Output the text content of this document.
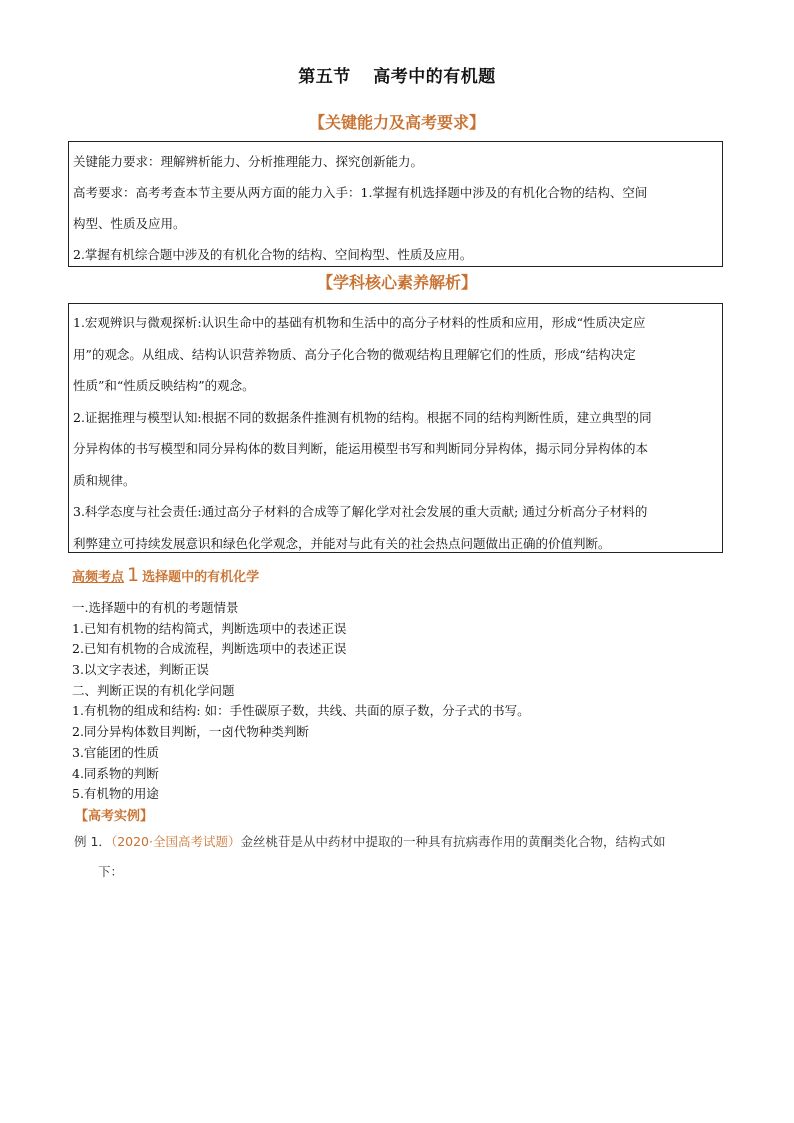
第五节 高考中的有机题
【关键能力及高考要求】

关键能力要求：理解辨析能力、分析推理能力、探究创新能力。

高考要求：高考考查本节主要从两方面的能力入手：1.掌握有机选择题中涉及的有机化合物的结构、空间

构型、性质及应用。

2.掌握有机综合题中涉及的有机化合物的结构、空间构型、性质及应用。

【学科核心素养解析】

1.宏观辨识与微观探析:认识生命中的基础有机物和生活中的高分子材料的性质和应用，形成“性质决定应

用”的观念。从组成、结构认识营养物质、高分子化合物的微观结构且理解它们的性质，形成“结构决定

性质”和“性质反映结构”的观念。

2.证据推理与模型认知:根据不同的数据条件推测有机物的结构。根据不同的结构判断性质，建立典型的同

分异构体的书写模型和同分异构体的数目判断，能运用模型书写和判断同分异构体，揭示同分异构体的本

质和规律。

3.科学态度与社会责任:通过高分子材料的合成等了解化学对社会发展的重大贡献; 通过分析高分子材料的

利弊建立可持续发展意识和绿色化学观念，并能对与此有关的社会热点问题做出正确的价值判断。

高频考点 1 选择题中的有机化学
一.选择题中的有机的考题情景
1.已知有机物的结构简式，判断选项中的表述正误
2.已知有机物的合成流程，判断选项中的表述正误
3.以文字表述，判断正误
二、判断正误的有机化学问题
1.有机物的组成和结构: 如：手性碳原子数，共线、共面的原子数，分子式的书写。
2.同分异构体数目判断，一卤代物种类判断
3.官能团的性质
4.同系物的判断
5.有机物的用途
【高考实例】
例 1．（2020·全国高考试题）金丝桃苷是从中药材中提取的一种具有抗病毒作用的黄酮类化合物，结构式如
下：
